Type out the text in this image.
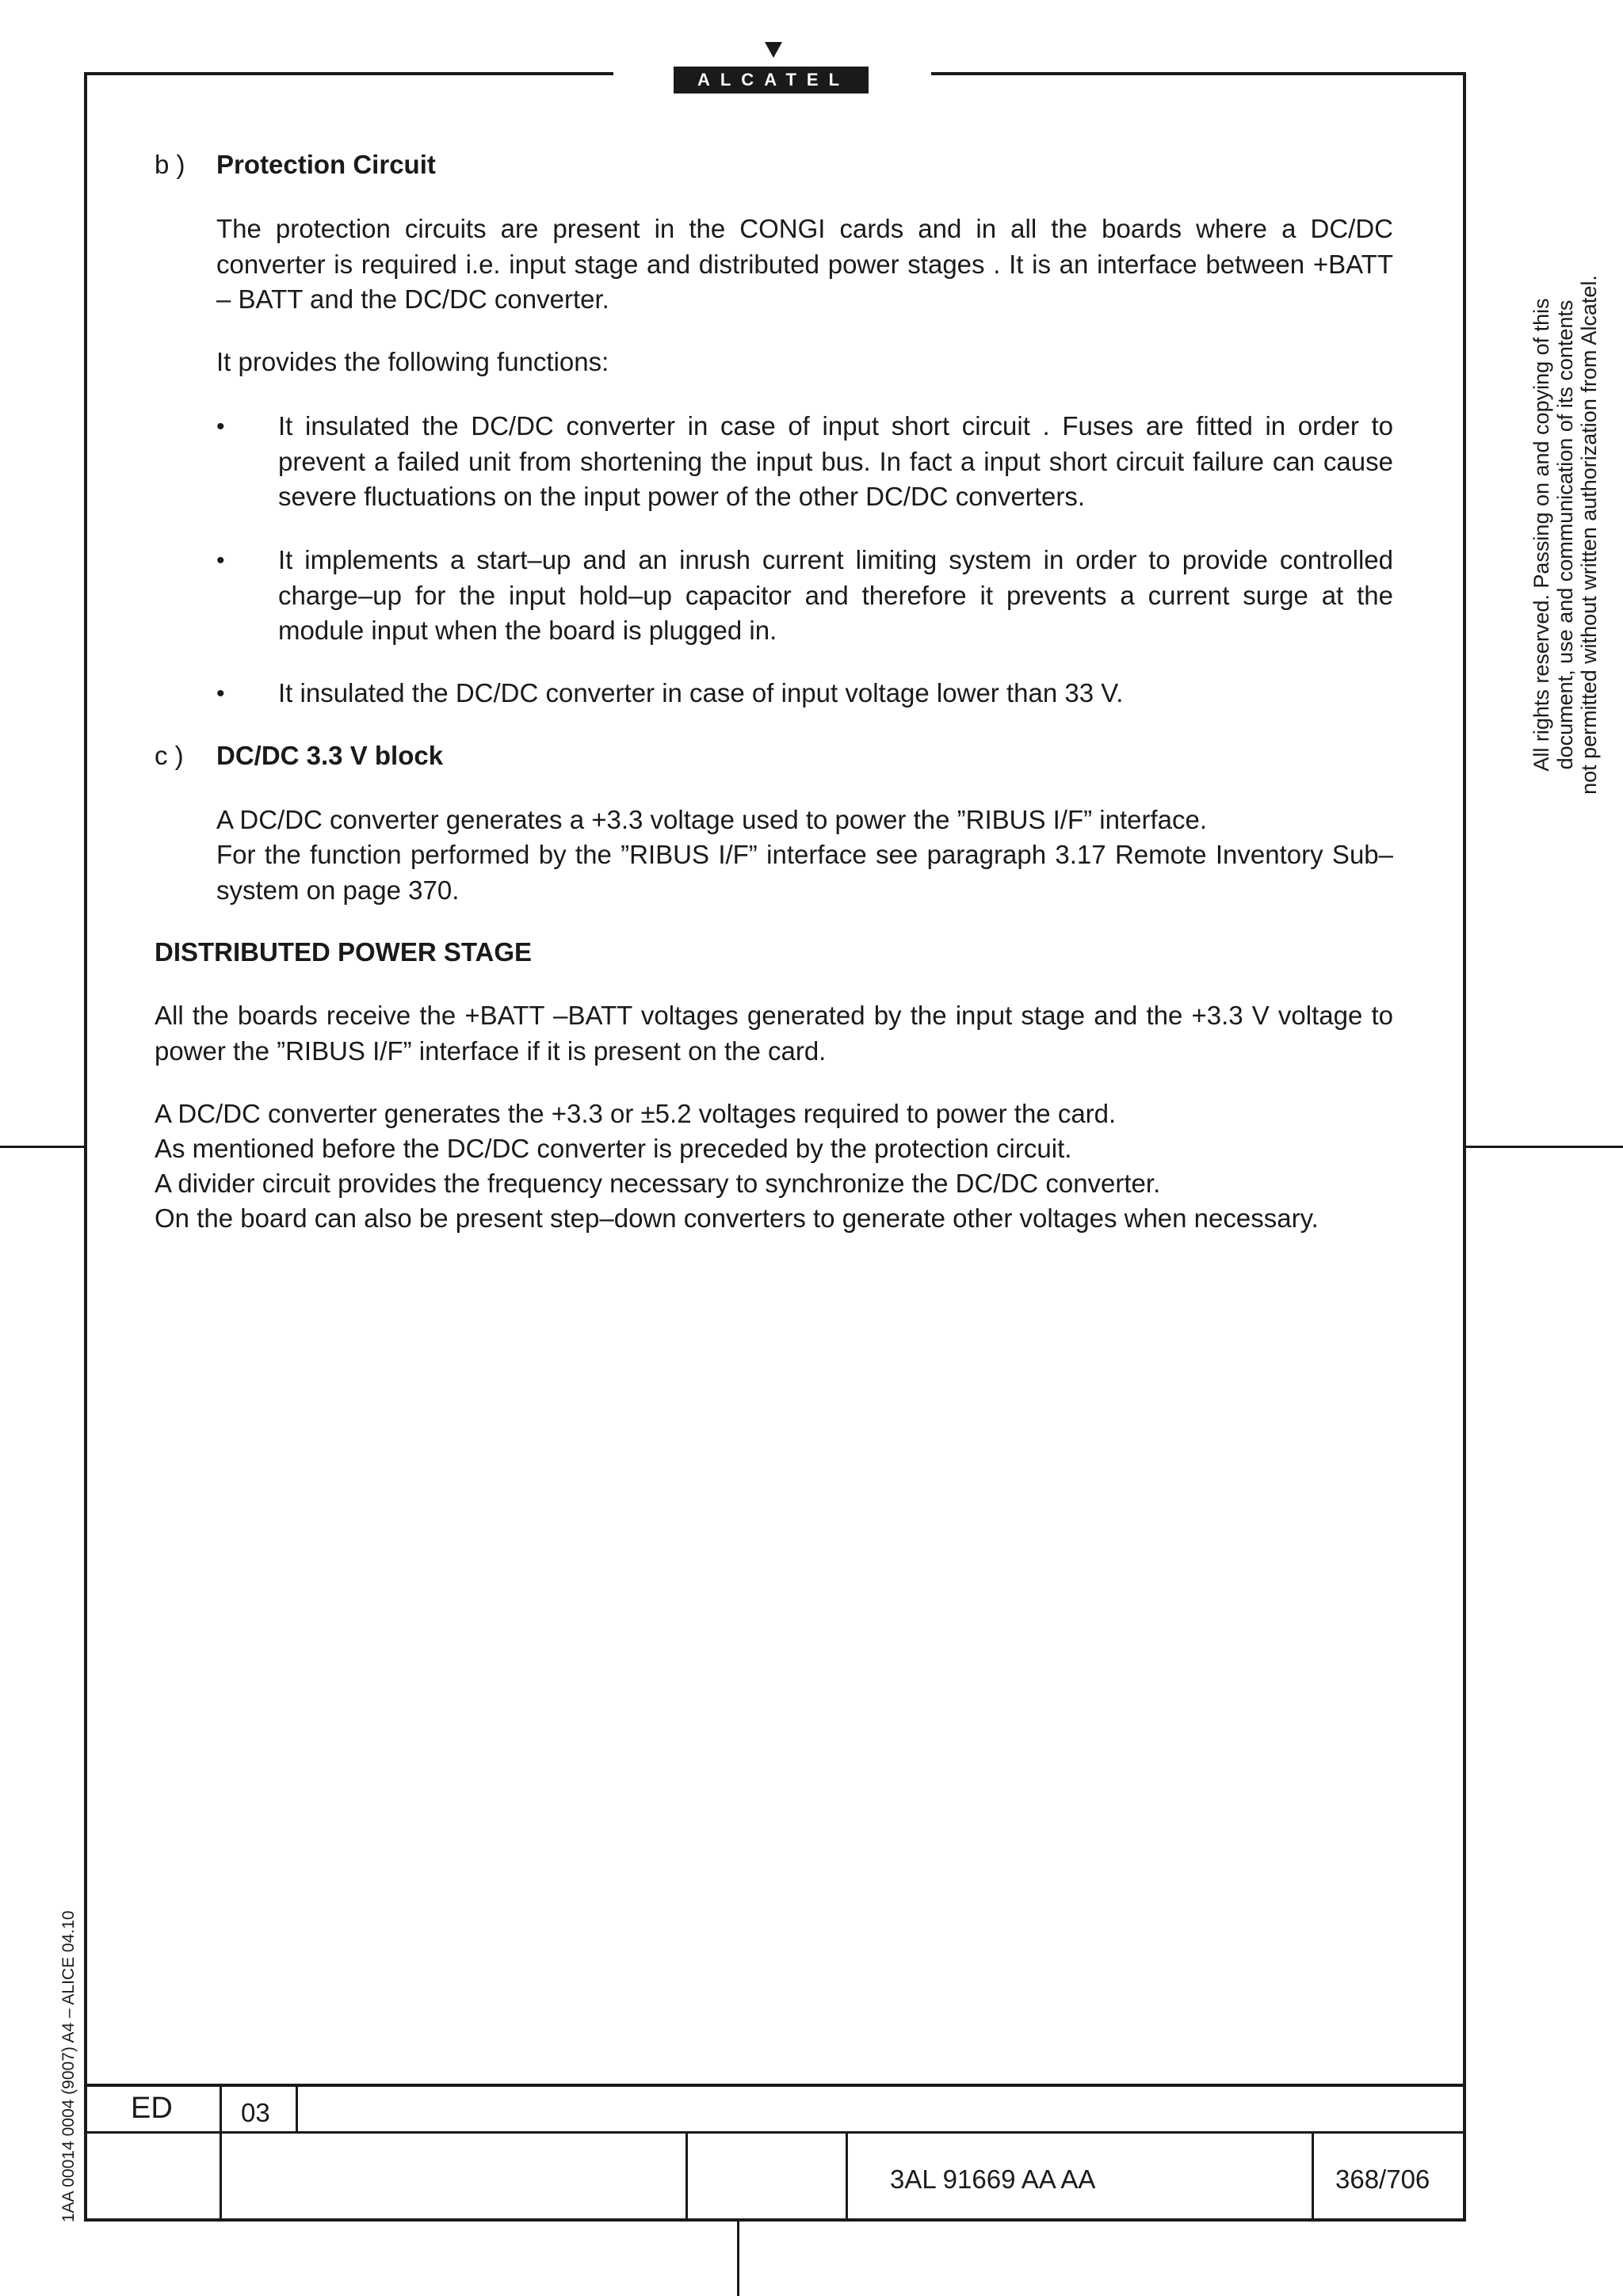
ALCATEL
All rights reserved. Passing on and copying of this document, use and communication of its contents not permitted without written authorization from Alcatel.
1AA 00014 0004 (9007) A4 – ALICE 04.10
b ) Protection Circuit
The protection circuits are present in the CONGI cards and in all the boards where a DC/DC converter is required i.e. input stage and distributed power stages . It is an interface between +BATT – BATT and the DC/DC converter.
It provides the following functions:
• It insulated the DC/DC converter in case of input short circuit . Fuses are fitted in order to prevent a failed unit from shortening the input bus. In fact a input short circuit failure can cause severe fluctuations on the input power of the other DC/DC converters.
• It implements a start–up and an inrush current limiting system in order to provide controlled charge–up for the input hold–up capacitor and therefore it prevents a current surge at the module input when the board is plugged in.
• It insulated the DC/DC converter in case of input voltage lower than 33 V.
c ) DC/DC 3.3 V block
A DC/DC converter generates a +3.3 voltage used to power the ”RIBUS I/F” interface.
For the function performed by the ”RIBUS I/F” interface see paragraph 3.17 Remote Inventory Sub–system on page 370.
DISTRIBUTED POWER STAGE
All the boards receive the +BATT –BATT voltages generated by the input stage and the +3.3 V voltage to power the ”RIBUS I/F” interface if it is present on the card.
A DC/DC converter generates the +3.3 or ±5.2 voltages required to power the card.
As mentioned before the DC/DC converter is preceded by the protection circuit.
A divider circuit provides the frequency necessary to synchronize the DC/DC converter.
On the board can also be present step–down converters to generate other voltages when necessary.
ED	03
3AL 91669 AA AA	368/706
